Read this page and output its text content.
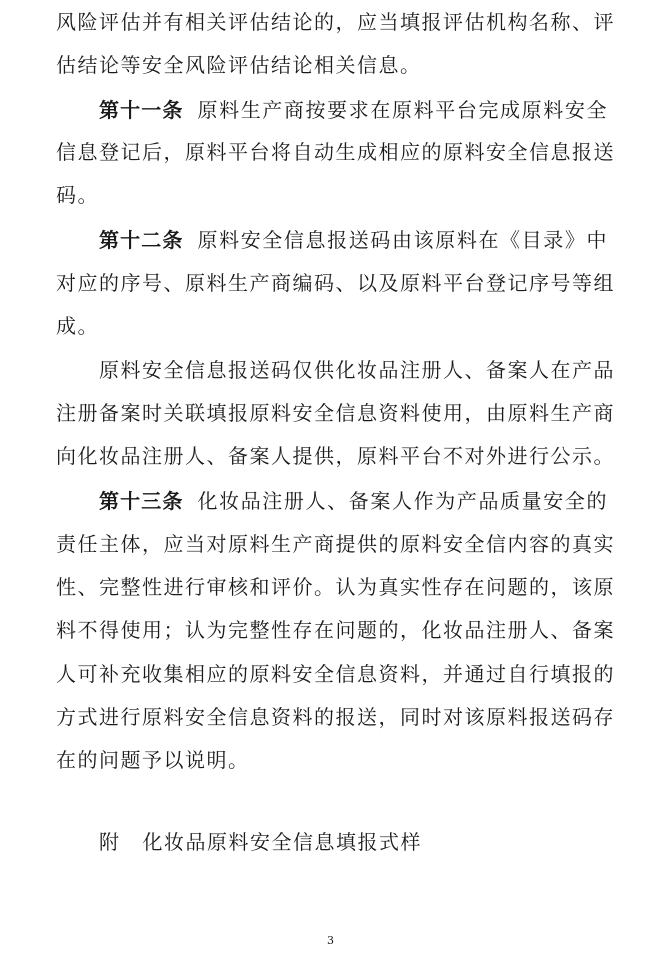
风险评估并有相关评估结论的，应当填报评估机构名称、评
估结论等安全风险评估结论相关信息。
第十一条 原料生产商按要求在原料平台完成原料安全
信息登记后，原料平台将自动生成相应的原料安全信息报送
码。
第十二条 原料安全信息报送码由该原料在《目录》中
对应的序号、原料生产商编码、以及原料平台登记序号等组
成。
原料安全信息报送码仅供化妆品注册人、备案人在产品
注册备案时关联填报原料安全信息资料使用，由原料生产商
向化妆品注册人、备案人提供，原料平台不对外进行公示。
第十三条 化妆品注册人、备案人作为产品质量安全的
责任主体，应当对原料生产商提供的原料安全信内容的真实
性、完整性进行审核和评价。认为真实性存在问题的，该原
料不得使用；认为完整性存在问题的，化妆品注册人、备案
人可补充收集相应的原料安全信息资料，并通过自行填报的
方式进行原料安全信息资料的报送，同时对该原料报送码存
在的问题予以说明。
附 化妆品原料安全信息填报式样
3
